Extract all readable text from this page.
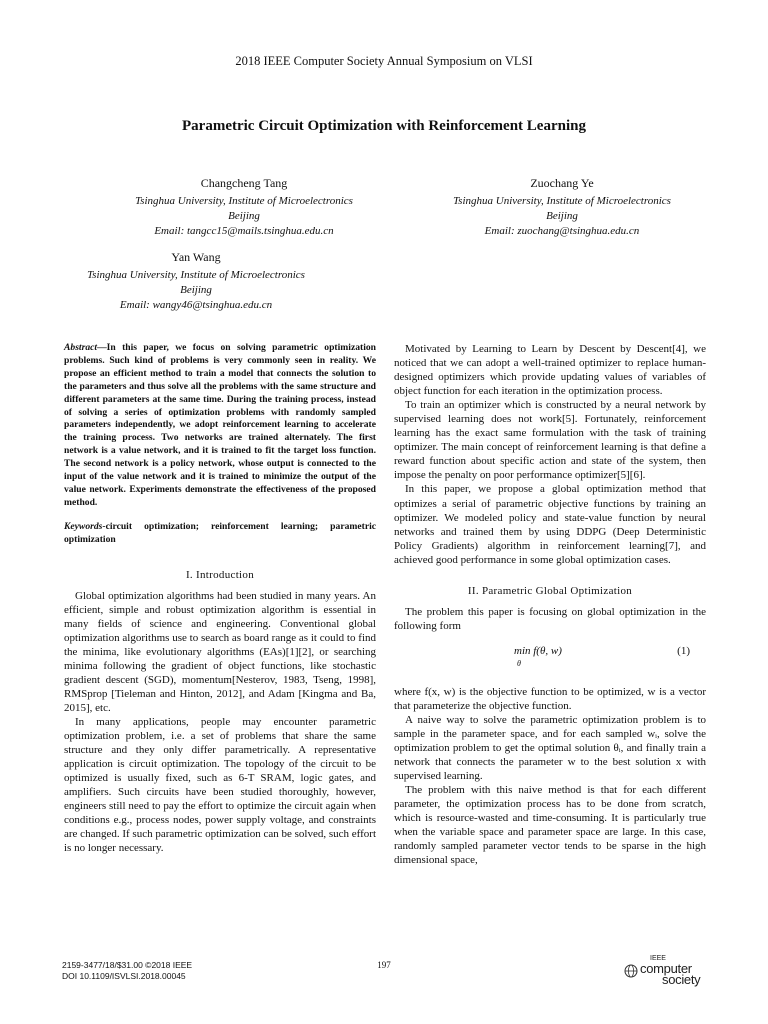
2018 IEEE Computer Society Annual Symposium on VLSI
Parametric Circuit Optimization with Reinforcement Learning
Changcheng Tang
Tsinghua University, Institute of Microelectronics
Beijing
Email: tangcc15@mails.tsinghua.edu.cn
Zuochang Ye
Tsinghua University, Institute of Microelectronics
Beijing
Email: zuochang@tsinghua.edu.cn
Yan Wang
Tsinghua University, Institute of Microelectronics
Beijing
Email: wangy46@tsinghua.edu.cn

Abstract—In this paper, we focus on solving parametric optimization problems. Such kind of problems is very commonly seen in reality. We propose an efficient method to train a model that connects the solution to the parameters and thus solve all the problems with the same structure and different parameters at the same time. During the training process, instead of solving a series of optimization problems with randomly sampled parameters independently, we adopt reinforcement learning to accelerate the training process. Two networks are trained alternately. The first network is a value network, and it is trained to fit the target loss function. The second network is a policy network, whose output is connected to the input of the value network and it is trained to minimize the output of the value network. Experiments demonstrate the effectiveness of the proposed method.

Keywords-circuit optimization; reinforcement learning; parametric optimization

I. Introduction

Global optimization algorithms had been studied in many years. An efficient, simple and robust optimization algorithm is essential in many fields of science and engineering. Conventional global optimization algorithms use to search as board range as it could to find the minima, like evolutionary algorithms (EAs)[1][2], or searching minima following the gradient of object functions, like stochastic gradient descent (SGD), momentum[Nesterov, 1983, Tseng, 1998], RMSprop [Tieleman and Hinton, 2012], and Adam [Kingma and Ba, 2015], etc.

In many applications, people may encounter parametric optimization problem, i.e. a set of problems that share the same structure and they only differ parametrically. A representative application is circuit optimization. The topology of the circuit to be optimized is usually fixed, such as 6-T SRAM, logic gates, and amplifiers. Such circuits have been studied thoroughly, however, engineers still need to pay the effort to optimize the circuit again when conditions e.g., process nodes, power supply voltage, and constraints are changed. If such parametric optimization can be solved, such effort is no longer necessary.

Motivated by Learning to Learn by Descent by Descent[4], we noticed that we can adopt a well-trained optimizer to replace human-designed optimizers which provide updating values of variables of object function for each iteration in the optimization process.

To train an optimizer which is constructed by a neural network by supervised learning does not work[5]. Fortunately, reinforcement learning has the exact same formulation with the task of training optimizer. The main concept of reinforcement learning is that define a reward function about specific action and state of the system, then impose the penalty on poor performance optimizer[5][6].

In this paper, we propose a global optimization method that optimizes a serial of parametric objective functions by training an optimizer. We modeled policy and state-value function by neural networks and trained them by using DDPG (Deep Deterministic Policy Gradients) algorithm in reinforcement learning[7], and achieved good performance in some global optimization cases.

II. Parametric Global Optimization

The problem this paper is focusing on global optimization in the following form

min f(θ, w)
θ
(1)

where f(x, w) is the objective function to be optimized, w is a vector that parameterize the objective function.

A naive way to solve the parametric optimization problem is to sample in the parameter space, and for each sampled wᵢ, solve the optimization problem to get the optimal solution θᵢ, and finally train a network that connects the parameter w to the best solution x with supervised learning.

The problem with this naive method is that for each different parameter, the optimization process has to be done from scratch, which is resource-wasted and time-consuming. It is particularly true when the variable space and parameter space are large. In this case, randomly sampled parameter vector tends to be sparse in the high dimensional space,

2159-3477/18/$31.00 ©2018 IEEE
DOI 10.1109/ISVLSI.2018.00045
197
IEEE
computer
society
